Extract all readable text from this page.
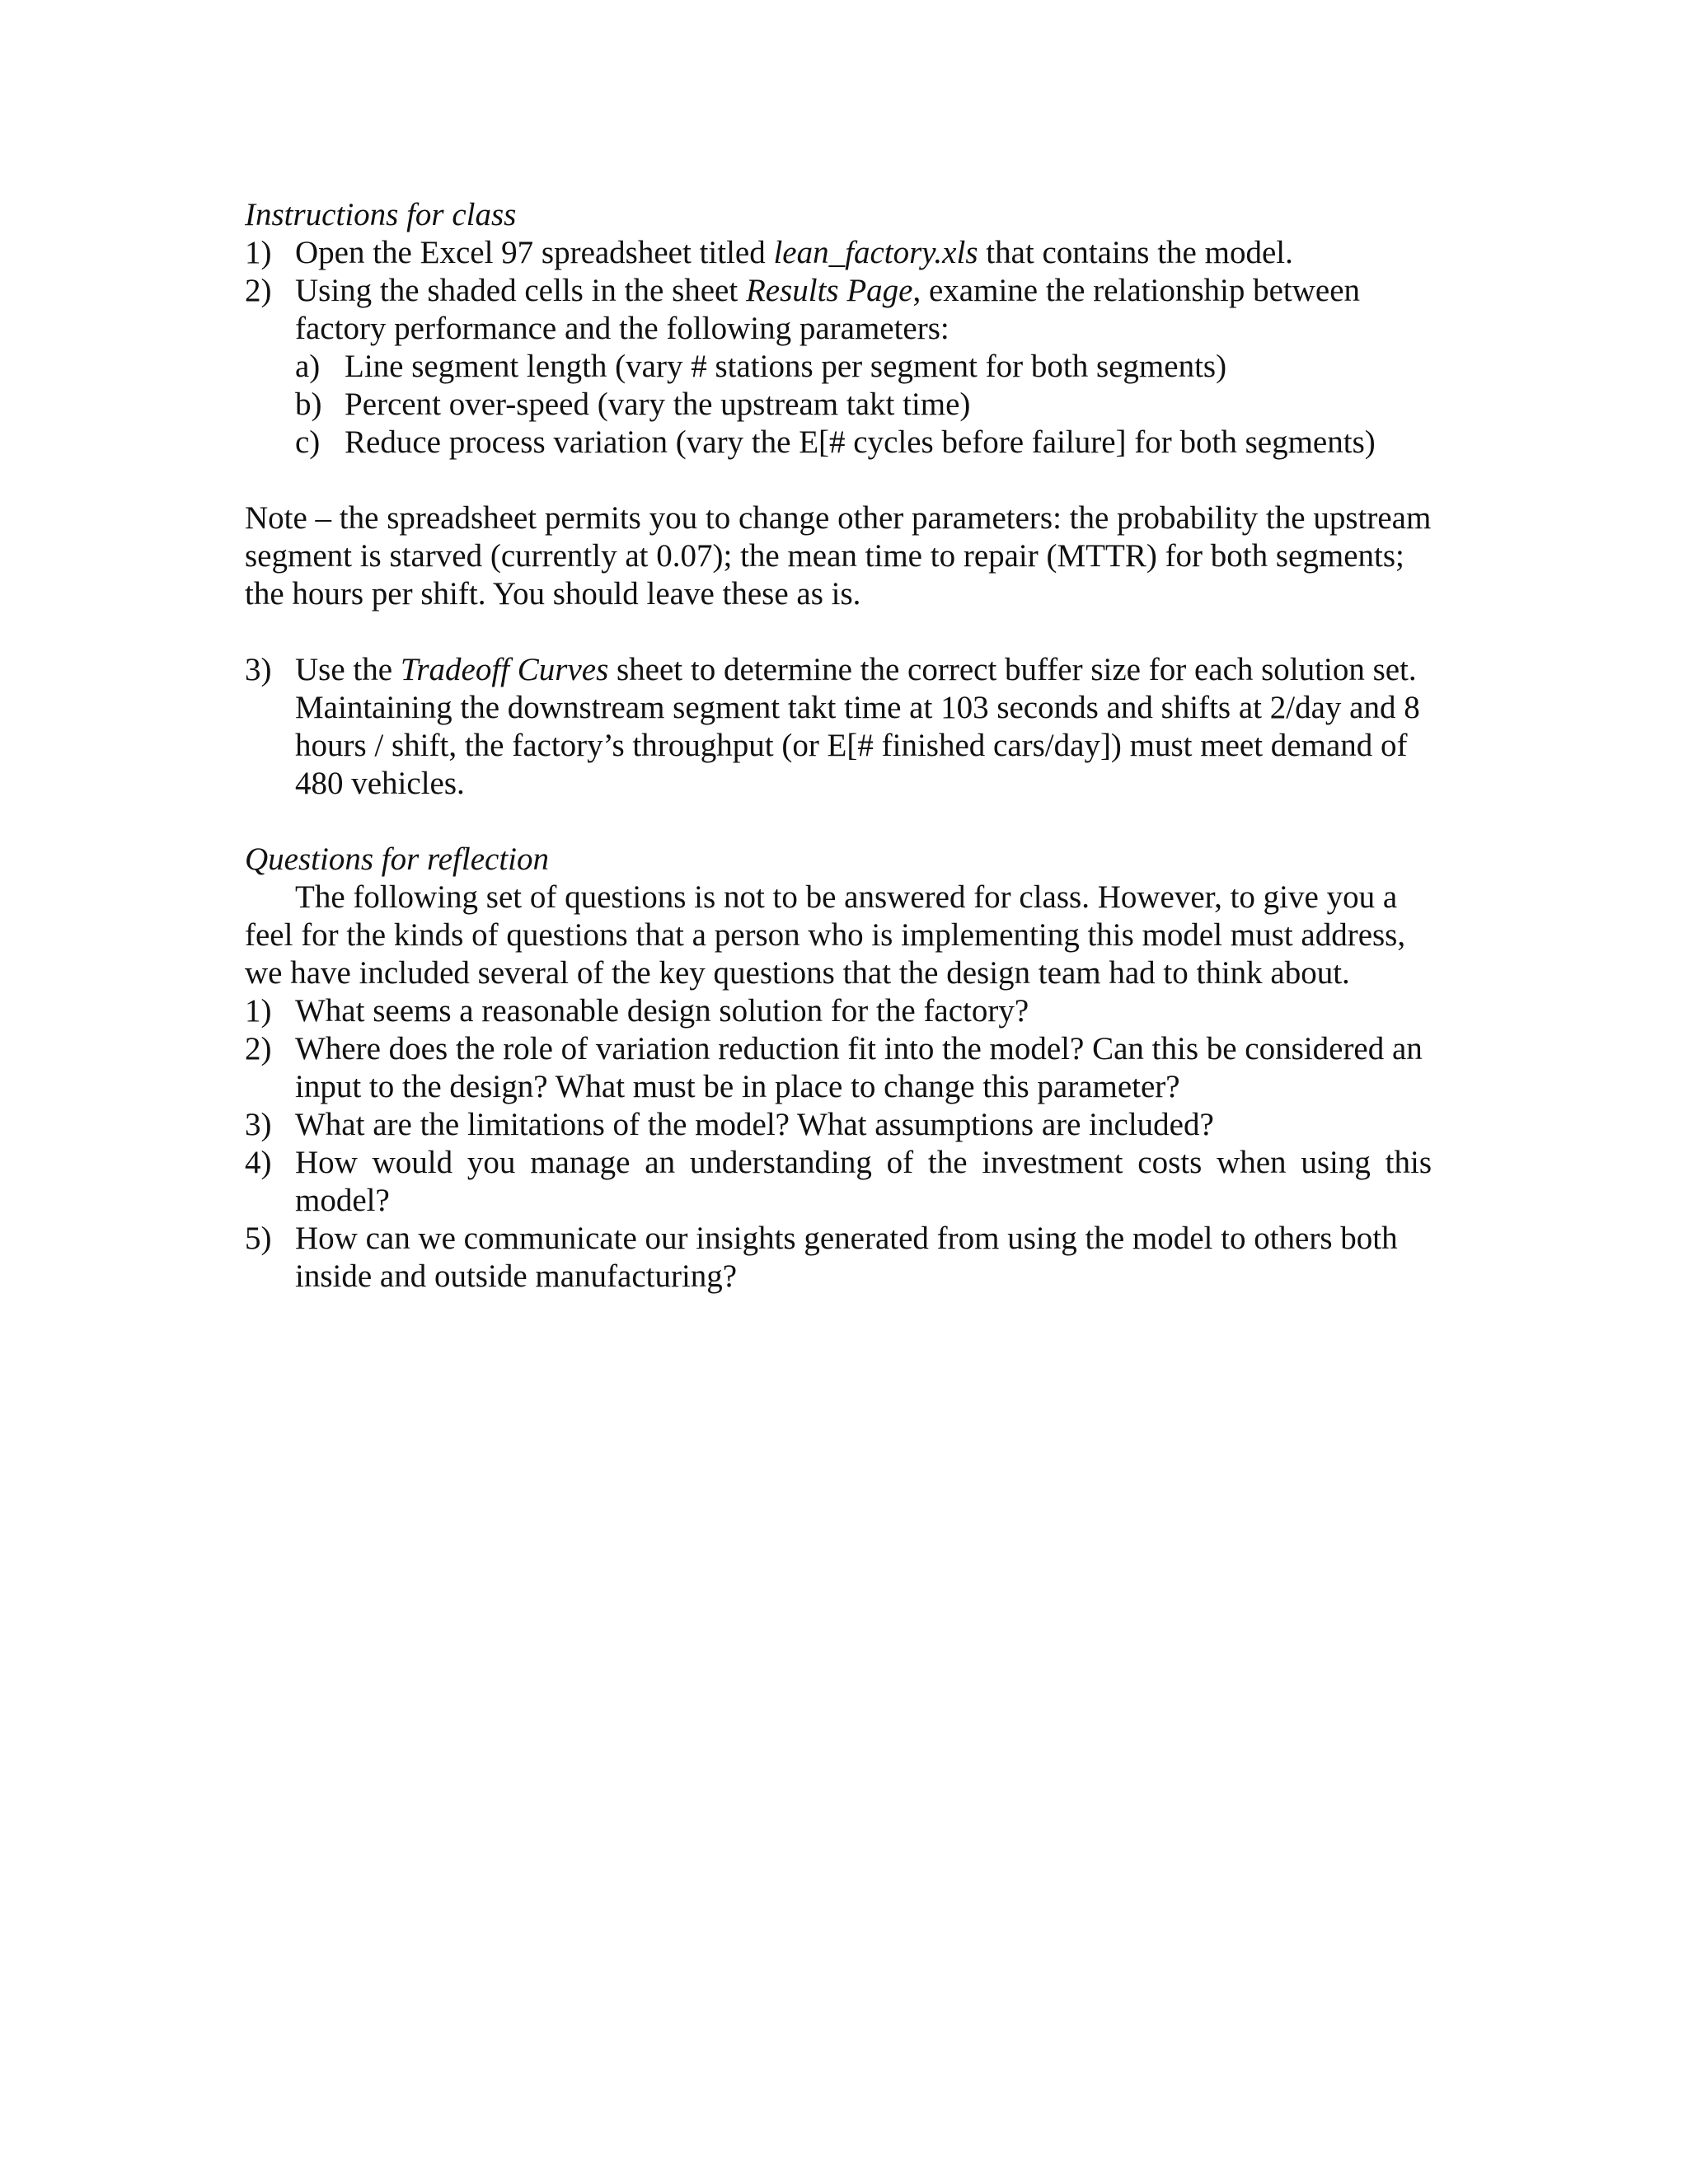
Instructions for class

1) Open the Excel 97 spreadsheet titled lean_factory.xls that contains the model.
2) Using the shaded cells in the sheet Results Page, examine the relationship between factory performance and the following parameters:
a) Line segment length (vary # stations per segment for both segments)
b) Percent over-speed (vary the upstream takt time)
c) Reduce process variation (vary the E[# cycles before failure] for both segments)

Note – the spreadsheet permits you to change other parameters: the probability the upstream segment is starved (currently at 0.07); the mean time to repair (MTTR) for both segments; the hours per shift. You should leave these as is.

3) Use the Tradeoff Curves sheet to determine the correct buffer size for each solution set. Maintaining the downstream segment takt time at 103 seconds and shifts at 2/day and 8 hours / shift, the factory’s throughput (or E[# finished cars/day]) must meet demand of 480 vehicles.

Questions for reflection

The following set of questions is not to be answered for class. However, to give you a feel for the kinds of questions that a person who is implementing this model must address, we have included several of the key questions that the design team had to think about.

1) What seems a reasonable design solution for the factory?
2) Where does the role of variation reduction fit into the model? Can this be considered an input to the design? What must be in place to change this parameter?
3) What are the limitations of the model? What assumptions are included?
4) How would you manage an understanding of the investment costs when using this model?
5) How can we communicate our insights generated from using the model to others both inside and outside manufacturing?
